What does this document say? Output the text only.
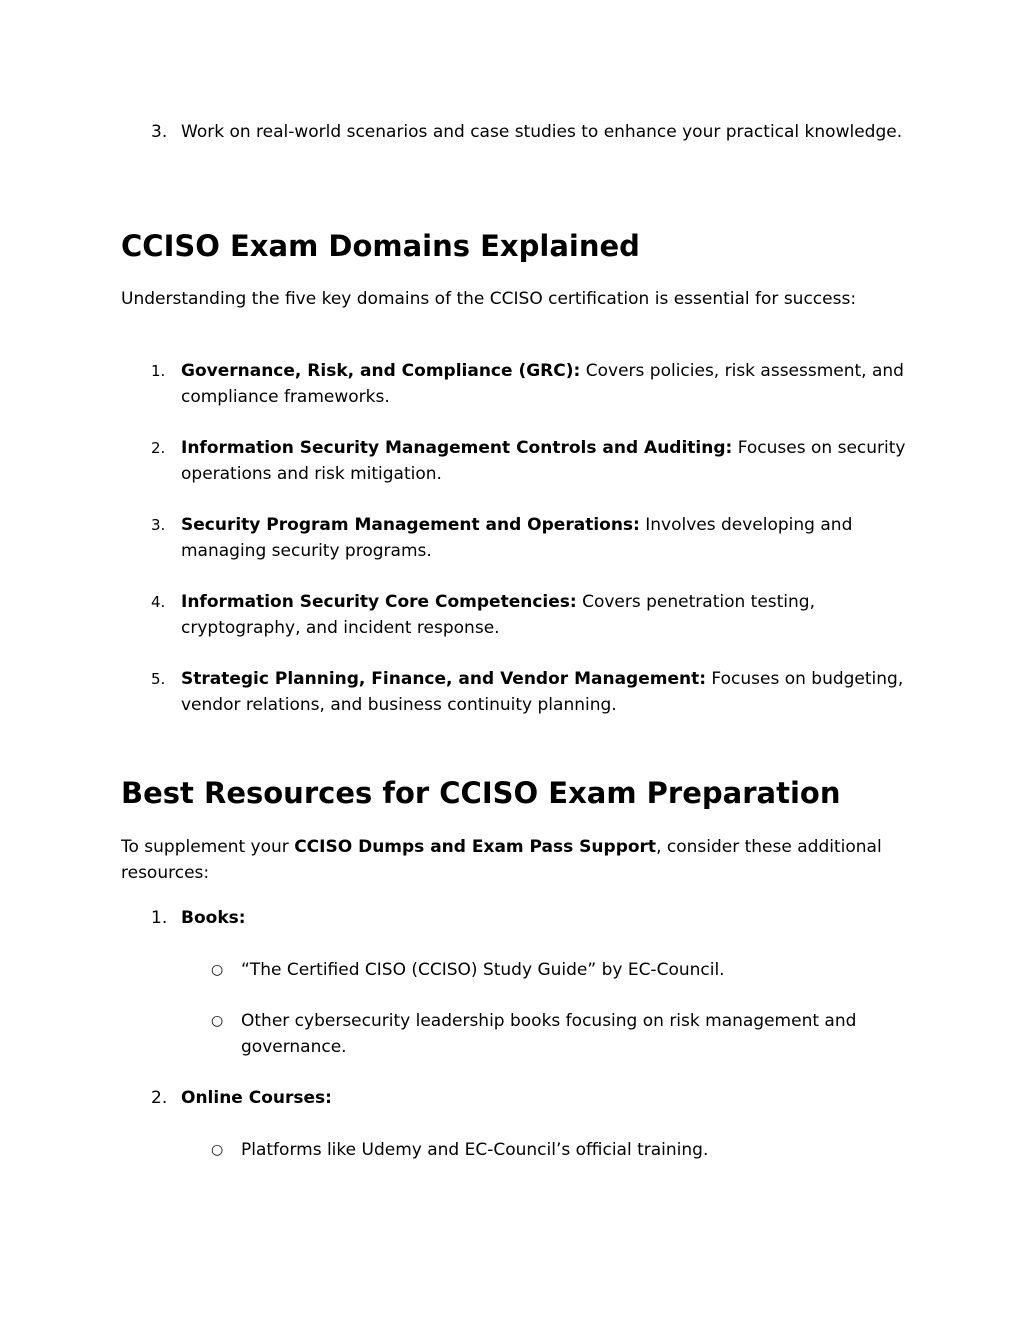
3. Work on real-world scenarios and case studies to enhance your practical knowledge.
CCISO Exam Domains Explained

Understanding the five key domains of the CCISO certification is essential for success:

1. Governance, Risk, and Compliance (GRC): Covers policies, risk assessment, and compliance frameworks.
2. Information Security Management Controls and Auditing: Focuses on security operations and risk mitigation.
3. Security Program Management and Operations: Involves developing and managing security programs.
4. Information Security Core Competencies: Covers penetration testing, cryptography, and incident response.
5. Strategic Planning, Finance, and Vendor Management: Focuses on budgeting, vendor relations, and business continuity planning.
Best Resources for CCISO Exam Preparation

To supplement your CCISO Dumps and Exam Pass Support, consider these additional resources:

1. Books:
○ “The Certified CISO (CCISO) Study Guide” by EC-Council.
○ Other cybersecurity leadership books focusing on risk management and governance.
2. Online Courses:
○ Platforms like Udemy and EC-Council’s official training.
